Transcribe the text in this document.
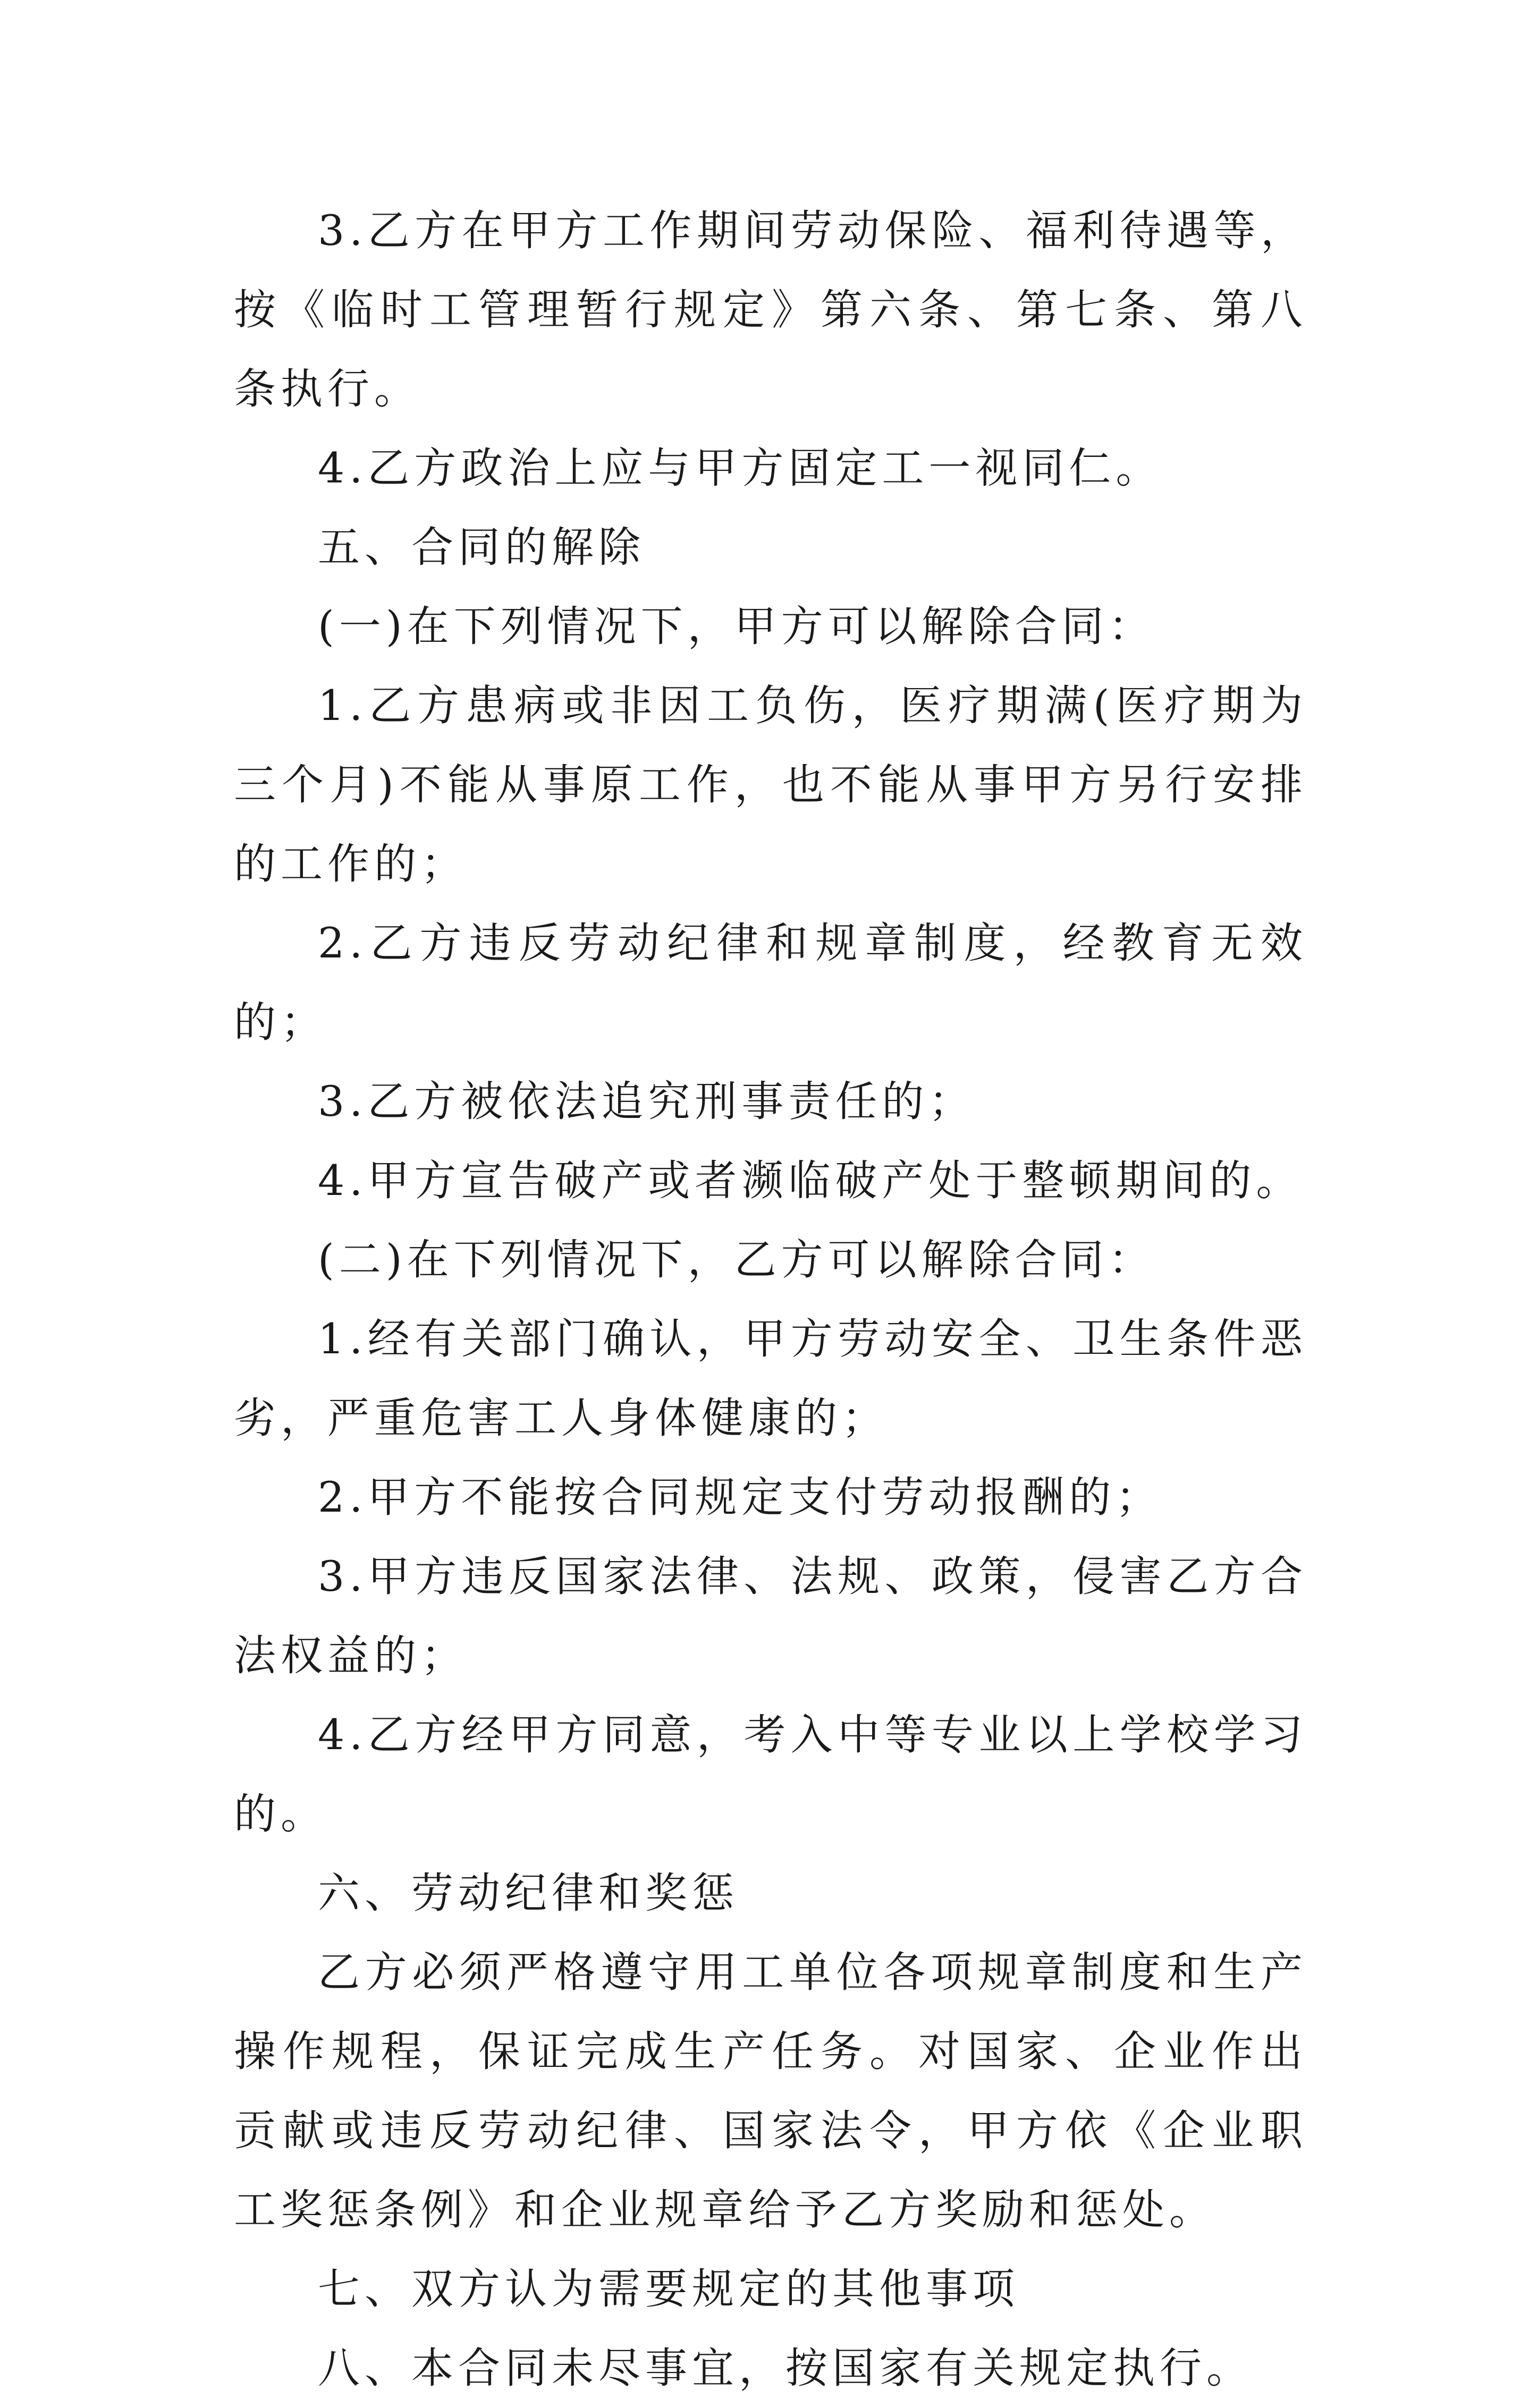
3.乙方在甲方工作期间劳动保险、福利待遇等，按《临时工管理暂行规定》第六条、第七条、第八条执行。

4.乙方政治上应与甲方固定工一视同仁。

五、合同的解除

(一)在下列情况下，甲方可以解除合同：

1.乙方患病或非因工负伤，医疗期满(医疗期为三个月)不能从事原工作，也不能从事甲方另行安排的工作的；

2.乙方违反劳动纪律和规章制度，经教育无效的；

3.乙方被依法追究刑事责任的；

4.甲方宣告破产或者濒临破产处于整顿期间的。

(二)在下列情况下，乙方可以解除合同：

1.经有关部门确认，甲方劳动安全、卫生条件恶劣，严重危害工人身体健康的；

2.甲方不能按合同规定支付劳动报酬的；

3.甲方违反国家法律、法规、政策，侵害乙方合法权益的；

4.乙方经甲方同意，考入中等专业以上学校学习的。

六、劳动纪律和奖惩

乙方必须严格遵守用工单位各项规章制度和生产操作规程，保证完成生产任务。对国家、企业作出贡献或违反劳动纪律、国家法令，甲方依《企业职工奖惩条例》和企业规章给予乙方奖励和惩处。

七、双方认为需要规定的其他事项

八、本合同未尽事宜，按国家有关规定执行。
